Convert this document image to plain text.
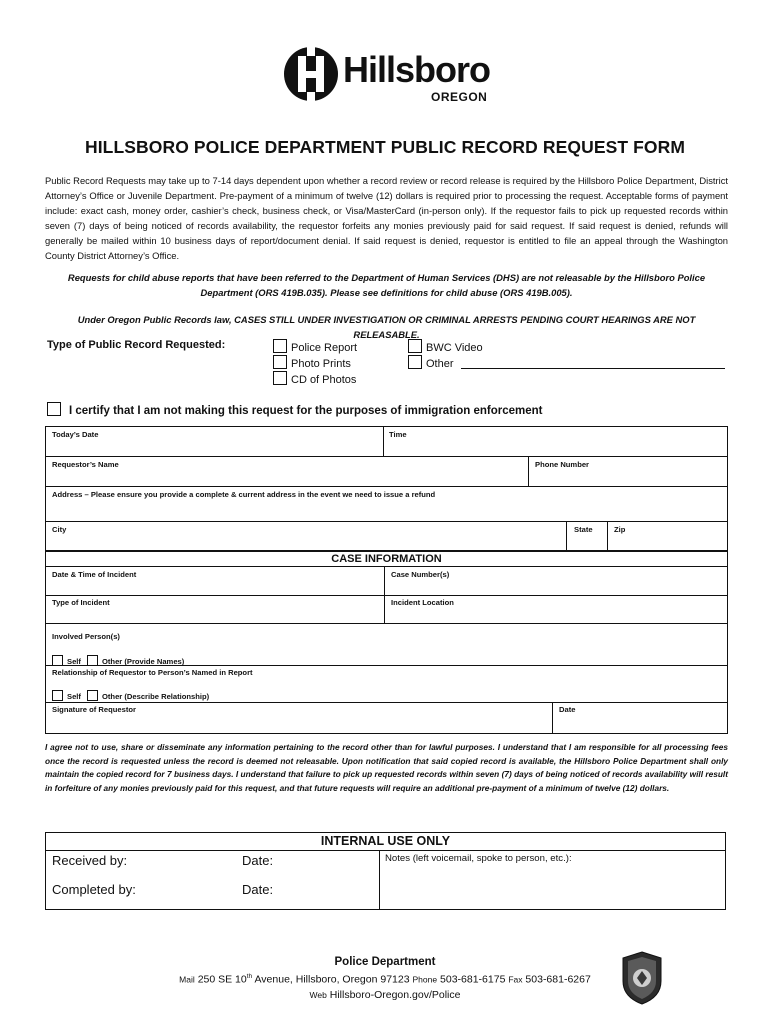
Hillsboro
OREGON
HILLSBORO POLICE DEPARTMENT PUBLIC RECORD REQUEST FORM
Public Record Requests may take up to 7-14 days dependent upon whether a record review or record release is required by the Hillsboro Police Department, District Attorney’s Office or Juvenile Department. Pre-payment of a minimum of twelve (12) dollars is required prior to processing the request. Acceptable forms of payment include: exact cash, money order, cashier’s check, business check, or Visa/MasterCard (in-person only). If the requestor fails to pick up requested records within seven (7) days of being noticed of records availability, the requestor forfeits any monies previously paid for said request. If said request is denied, refunds will generally be mailed within 10 business days of report/document denial. If said request is denied, requestor is entitled to file an appeal through the Washington County District Attorney’s Office.
Requests for child abuse reports that have been referred to the Department of Human Services (DHS) are not releasable by the Hillsboro Police Department (ORS 419B.035). Please see definitions for child abuse (ORS 419B.005).
Under Oregon Public Records law, CASES STILL UNDER INVESTIGATION OR CRIMINAL ARRESTS PENDING COURT HEARINGS ARE NOT RELEASABLE.
Type of Public Record Requested:	Police Report
Photo Prints
CD of Photos
BWC Video
Other
I certify that I am not making this request for the purposes of immigration enforcement
Today’s Date	Time
Requestor’s Name	Phone Number
Address – Please ensure you provide a complete & current address in the event we need to issue a refund
City	State	Zip
CASE INFORMATION
Date & Time of Incident	Case Number(s)
Type of Incident	Incident Location
Involved Person(s)
Self	Other (Provide Names)
Relationship of Requestor to Person’s Named in Report
Self	Other (Describe Relationship)
Signature of Requestor	Date
I agree not to use, share or disseminate any information pertaining to the record other than for lawful purposes. I understand that I am responsible for all processing fees once the record is requested unless the record is deemed not releasable. Upon notification that said copied record is available, the Hillsboro Police Department shall only maintain the copied record for 7 business days. I understand that failure to pick up requested records within seven (7) days of being noticed of records availability will result in forfeiture of any monies previously paid for this request, and that future requests will require an additional pre-payment of a minimum of twelve (12) dollars.
INTERNAL USE ONLY
Received by:	Date:
Completed by:	Date:
Notes (left voicemail, spoke to person, etc.):
Police Department
Mail 250 SE 10th Avenue, Hillsboro, Oregon 97123 Phone 503-681-6175 Fax 503-681-6267
Web Hillsboro-Oregon.gov/Police
